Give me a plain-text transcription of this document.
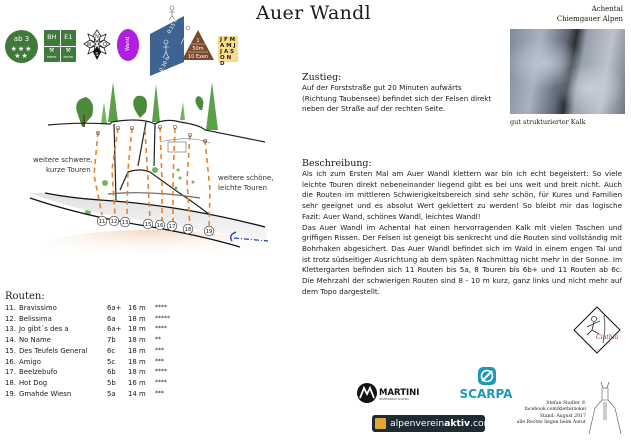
Auer Wandl	Achental
Chiemgauer Alpen
ab 3
★★★ ★★
BH	E1
⚒ keine	⚒ keine
N
W O
S
Wand
0:15 h
0:30 h
1
50m
10 Exen
J F M
A M J
J A S
O N D
gut strukturierter Kalk
Zustieg:
Auf der Forststraße gut 20 Minuten aufwärts (Richtung Taubensee) befindet sich der Felsen direkt neben der Straße auf der rechten Seite.
Beschreibung:
Als ich zum Ersten Mal am Auer Wandl klettern war bin ich echt begeistert: So viele leichte Touren direkt nebeneinander liegend gibt es bei uns weit und breit nicht. Auch die Routen im mittleren Schwierigkeitsbereich sind sehr schön, für Kures und Familien sehr geeignet und es absolut Wert geklettert zu werden! So bleibt mir das logische Fazit: Auer Wand, schönes Wandl, leichtes Wandl!
Das Auer Wandl im Achental hat einen hervorragenden Kalk mit vielen Taschen und griffigen Rissen. Der Felsen ist geneigt bis senkrecht und die Routen sind vollständig mit Bohrhaken abgesichert. Das Auer Wandl befindet sich im Wald in einem engen Tal und ist trotz südseitiger Ausrichtung ab dem späten Nachmittag nicht mehr in der Sonne. Im Klettergarten befinden sich 11 Routen bis 5a, 8 Touren bis 6b+ und 11 Routen ab 6c. Die Mehrzahl der schwierigen Routen sind 8 - 10 m kurz, ganz links und nicht mehr auf dem Topo dargestellt.
11 12 13	15 16 17 18	19
weitere schwere,
kurze Touren
weitere schöne,
leichte Touren
Routen:
11. Bravissimo	6a+ 16 m	****
12. Belissima	6a	18 m	*****
13. Jo gibt´s des a	6a+ 18 m	****
14. No Name	7b	18 m	**
15. Des Teufels General	6c	18 m	***
16. Amigo	5c	18 m	***
17. Beelzebufo	6b	18 m	****
18. Hot Dog	5b	16 m	****
19. Gmahde Wiesn	5a	14 m	***	MARTINI
SPORTSWEAR AUSTRIA	SCARPA
alpenvereinaktiv.com
Stefan Stadler ©
facebook.com/kletterzokel
Stand: August 2017
alle Rechte liegen beim Autor
Cinthia
